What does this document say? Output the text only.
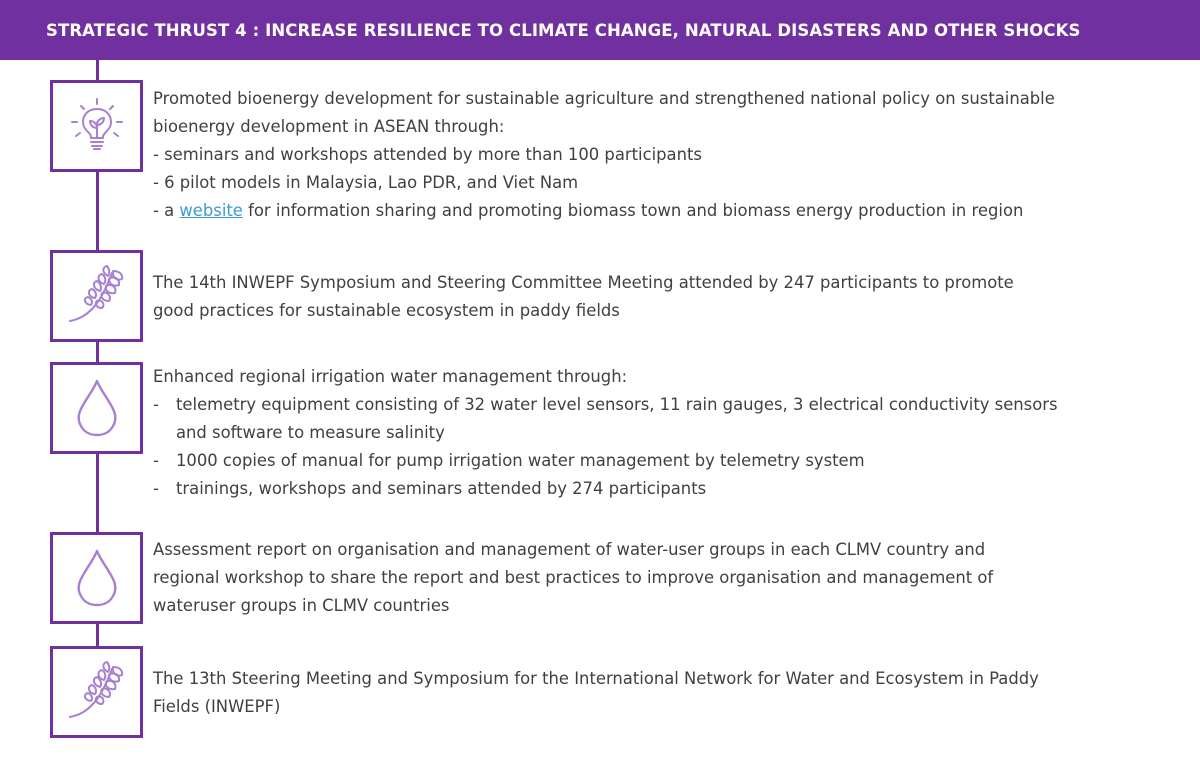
STRATEGIC THRUST 4 : INCREASE RESILIENCE TO CLIMATE CHANGE, NATURAL DISASTERS AND OTHER SHOCKS
Promoted bioenergy development for sustainable agriculture and strengthened national policy on sustainable
bioenergy development in ASEAN through:
- seminars and workshops attended by more than 100 participants
- 6 pilot models in Malaysia, Lao PDR, and Viet Nam
- a website for information sharing and promoting biomass town and biomass energy production in region
The 14th INWEPF Symposium and Steering Committee Meeting attended by 247 participants to promote
good practices for sustainable ecosystem in paddy fields
Enhanced regional irrigation water management through:
-	telemetry equipment consisting of 32 water level sensors, 11 rain gauges, 3 electrical conductivity sensors
and software to measure salinity
-	1000 copies of manual for pump irrigation water management by telemetry system
-	trainings, workshops and seminars attended by 274 participants
Assessment report on organisation and management of water-user groups in each CLMV country and
regional workshop to share the report and best practices to improve organisation and management of
wateruser groups in CLMV countries
The 13th Steering Meeting and Symposium for the International Network for Water and Ecosystem in Paddy
Fields (INWEPF)
